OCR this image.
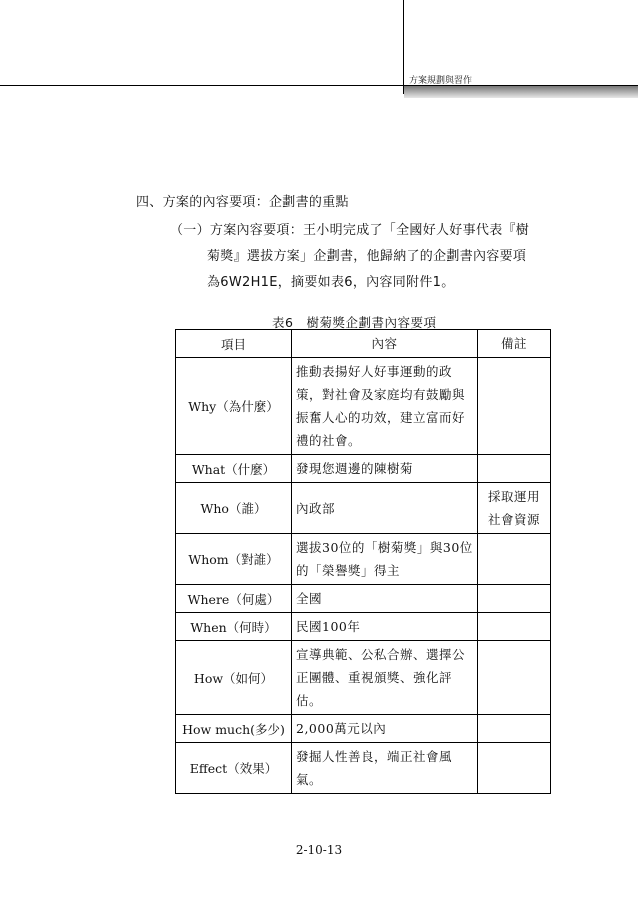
方案規劃與習作
四、方案的內容要項：企劃書的重點
（一）方案內容要項：王小明完成了「全國好人好事代表『樹
菊獎』選拔方案」企劃書，他歸納了的企劃書內容要項
為6W2H1E，摘要如表6，內容同附件1。
表6　樹菊獎企劃書內容要項
項目	內容	備註
Why（為什麼）	推動表揚好人好事運動的政策，對社會及家庭均有鼓勵與振奮人心的功效，建立富而好禮的社會。	
What（什麼）	發現您週邊的陳樹菊	
Who（誰）	內政部	採取運用社會資源
Whom（對誰）	選拔30位的「樹菊獎」與30位的「榮譽獎」得主	
Where（何處）	全國	
When（何時）	民國100年	
How（如何）	宣導典範、公私合辦、選擇公正團體、重視頒獎、強化評估。	
How much(多少)	2,000萬元以內	
Effect（效果）	發掘人性善良，端正社會風氣。	
2-10-13
